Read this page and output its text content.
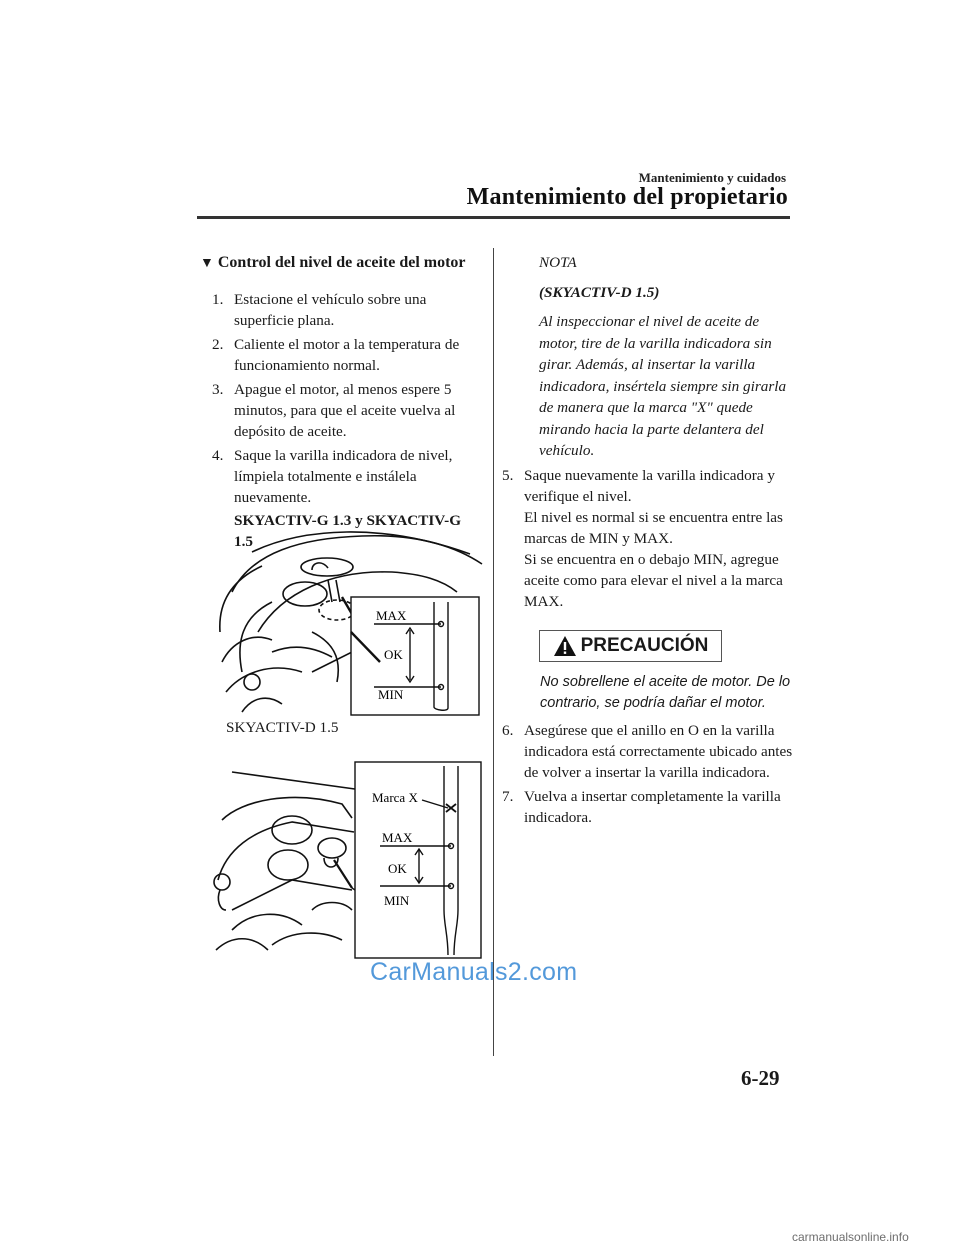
Mantenimiento y cuidados
Mantenimiento del propietario
▼ Control del nivel de aceite del motor
1. Estacione el vehículo sobre una superficie plana.
2. Caliente el motor a la temperatura de funcionamiento normal.
3. Apague el motor, al menos espere 5 minutos, para que el aceite vuelva al depósito de aceite.
4. Saque la varilla indicadora de nivel, límpiela totalmente e instálela nuevamente.
SKYACTIV-G 1.3 y SKYACTIV-G 1.5
MAX
OK
MIN
SKYACTIV-D 1.5
Marca X
MAX
OK
MIN
NOTA
(SKYACTIV-D 1.5)
Al inspeccionar el nivel de aceite de motor, tire de la varilla indicadora sin girar. Además, al insertar la varilla indicadora, insértela siempre sin girarla de manera que la marca "X" quede mirando hacia la parte delantera del vehículo.
5. Saque nuevamente la varilla indicadora y verifique el nivel.
El nivel es normal si se encuentra entre las marcas de MIN y MAX.
Si se encuentra en o debajo MIN, agregue aceite como para elevar el nivel a la marca MAX.
PRECAUCIÓN
No sobrellene el aceite de motor. De lo contrario, se podría dañar el motor.
6. Asegúrese que el anillo en O en la varilla indicadora está correctamente ubicado antes de volver a insertar la varilla indicadora.
7. Vuelva a insertar completamente la varilla indicadora.
CarManuals2.com
6-29
carmanualsonline.info
